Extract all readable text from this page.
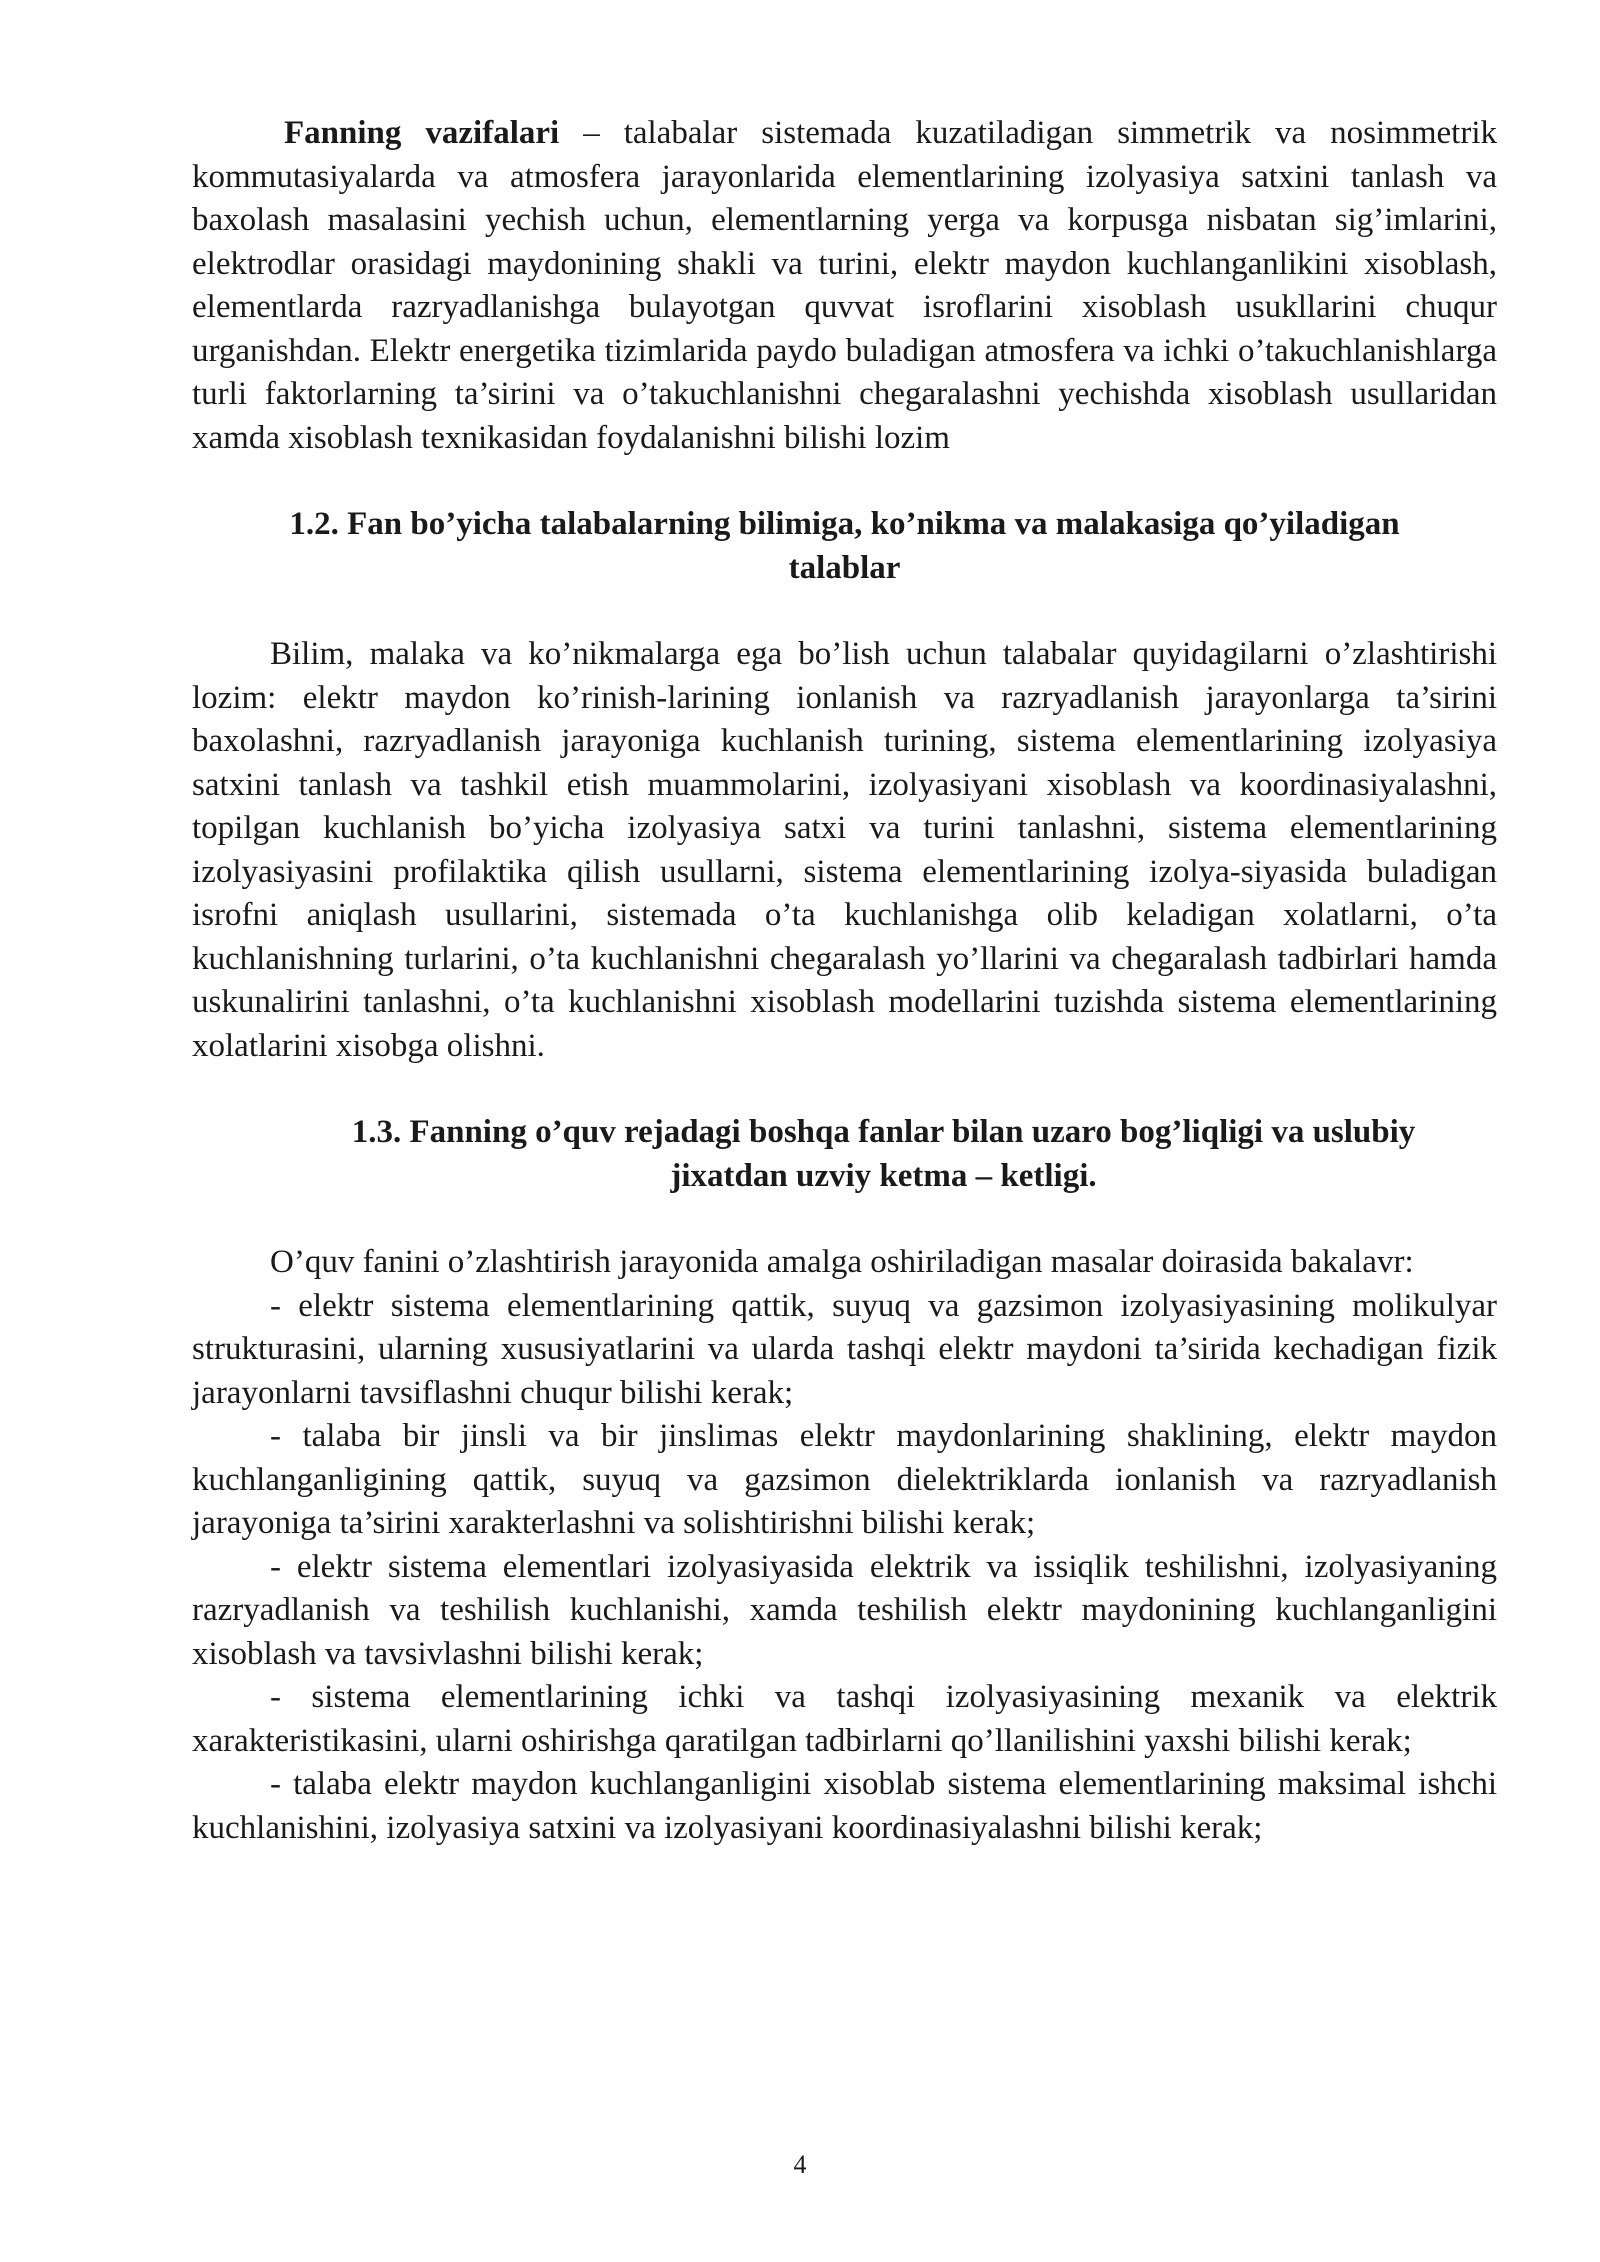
Fanning vazifalari – talabalar sistemada kuzatiladigan simmetrik va nosimmetrik kommutasiyalarda va atmosfera jarayonlarida elementlarining izolyasiya satxini tanlash va baxolash masalasini yechish uchun, elementlarning yerga va korpusga nisbatan sig’imlarini, elektrodlar orasidagi maydonining shakli va turini, elektr maydon kuchlanganlikini xisoblash, elementlarda razryadlanishga bulayotgan quvvat isroflarini xisoblash usukllarini chuqur urganishdan. Elektr energetika tizimlarida paydo buladigan atmosfera va ichki o’takuchlanishlarga turli faktorlarning ta’sirini va o’takuchlanishni chegaralashni yechishda xisoblash usullaridan xamda xisoblash texnikasidan foydalanishni bilishi lozim

1.2. Fan bo’yicha talabalarning bilimiga, ko’nikma va malakasiga qo’yiladigan
talablar

Bilim, malaka va ko’nikmalarga ega bo’lish uchun talabalar quyidagilarni o’zlashtirishi lozim: elektr maydon ko’rinish-larining ionlanish va razryadlanish jarayonlarga ta’sirini baxolashni, razryadlanish jarayoniga kuchlanish turining, sistema elementlarining izolyasiya satxini tanlash va tashkil etish muammolarini, izolyasiyani xisoblash va koordinasiyalashni, topilgan kuchlanish bo’yicha izolyasiya satxi va turini tanlashni, sistema elementlarining izolyasiyasini profilaktika qilish usullarni, sistema elementlarining izolya-siyasida buladigan isrofni aniqlash usullarini, sistemada o’ta kuchlanishga olib keladigan xolatlarni, o’ta kuchlanishning turlarini, o’ta kuchlanishni chegaralash yo’llarini va chegaralash tadbirlari hamda uskunalirini tanlashni, o’ta kuchlanishni xisoblash modellarini tuzishda sistema elementlarining xolatlarini xisobga olishni.

1.3. Fanning o’quv rejadagi boshqa fanlar bilan uzaro bog’liqligi va uslubiy
jixatdan uzviy ketma – ketligi.

O’quv fanini o’zlashtirish jarayonida amalga oshiriladigan masalar doirasida bakalavr:

- elektr sistema elementlarining qattik, suyuq va gazsimon izolyasiyasining molikulyar strukturasini, ularning xususiyatlarini va ularda tashqi elektr maydoni ta’sirida kechadigan fizik jarayonlarni tavsiflashni chuqur bilishi kerak;

- talaba bir jinsli va bir jinslimas elektr maydonlarining shaklining, elektr maydon kuchlanganligining qattik, suyuq va gazsimon dielektriklarda ionlanish va razryadlanish jarayoniga ta’sirini xarakterlashni va solishtirishni bilishi kerak;

- elektr sistema elementlari izolyasiyasida elektrik va issiqlik teshilishni, izolyasiyaning razryadlanish va teshilish kuchlanishi, xamda teshilish elektr maydonining kuchlanganligini xisoblash va tavsivlashni bilishi kerak;

- sistema elementlarining ichki va tashqi izolyasiyasining mexanik va elektrik xarakteristikasini, ularni oshirishga qaratilgan tadbirlarni qo’llanilishini yaxshi bilishi kerak;

- talaba elektr maydon kuchlanganligini xisoblab sistema elementlarining maksimal ishchi kuchlanishini, izolyasiya satxini va izolyasiyani koordinasiyalashni bilishi kerak;

4
